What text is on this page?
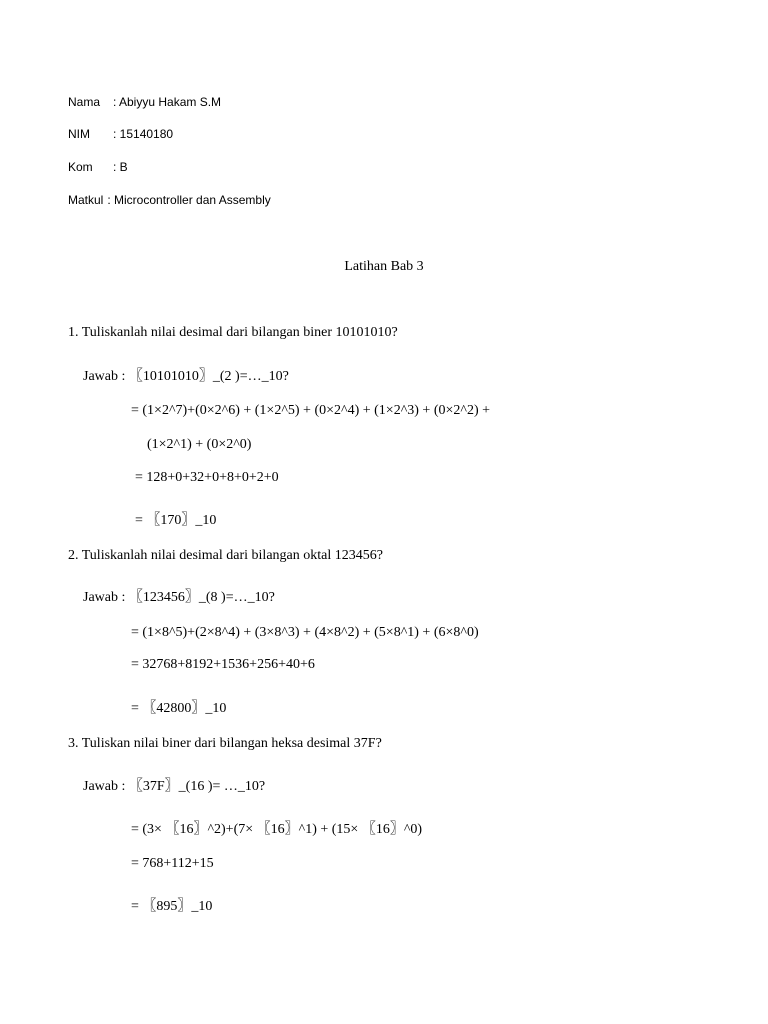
Nama : Abiyyu Hakam S.M
NIM : 15140180
Kom : B
Matkul : Microcontroller dan Assembly
Latihan Bab 3
1. Tuliskanlah nilai desimal dari bilangan biner 10101010?
Jawab : 〖10101010〗_(2 )=…_10?
= (1×2^7)+(0×2^6) + (1×2^5) + (0×2^4) + (1×2^3) + (0×2^2) +
(1×2^1) + (0×2^0)
= 128+0+32+0+8+0+2+0
= 〖170〗_10
2. Tuliskanlah nilai desimal dari bilangan oktal 123456?
Jawab : 〖123456〗_(8 )=…_10?
= (1×8^5)+(2×8^4) + (3×8^3) + (4×8^2) + (5×8^1) + (6×8^0)
= 32768+8192+1536+256+40+6
= 〖42800〗_10
3. Tuliskan nilai biner dari bilangan heksa desimal 37F?
Jawab : 〖37F〗_(16 )= …_10?
= (3× 〖16〗^2)+(7× 〖16〗^1) + (15× 〖16〗^0)
= 768+112+15
= 〖895〗_10
